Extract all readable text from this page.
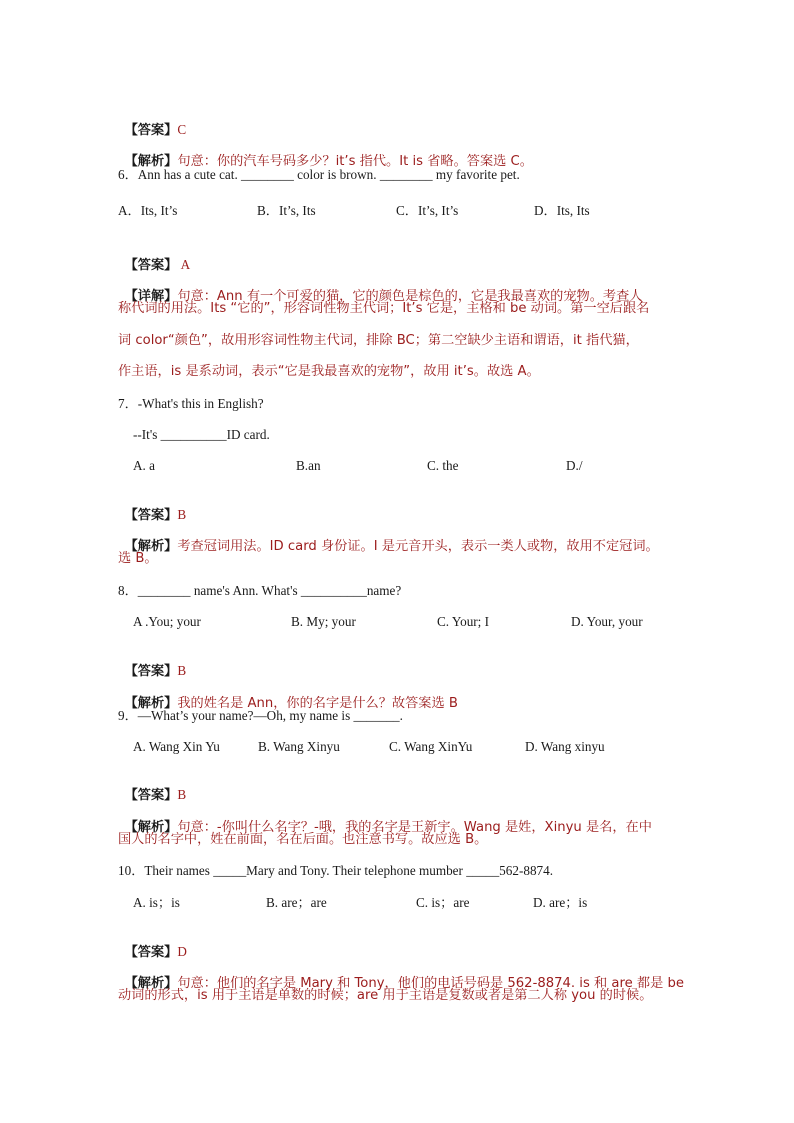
【答案】C

【解析】句意：你的汽车号码多少？it’s 指代。It is 省略。答案选 C。

6．Ann has a cute cat. ________ color is brown. ________ my favorite pet.
A．Its, It’s	B．It’s, Its	C．It’s, It’s	D．Its, Its

【答案】 A

【详解】句意：Ann 有一个可爱的猫，它的颜色是棕色的，它是我最喜欢的宠物。考查人

称代词的用法。Its “它的”，形容词性物主代词；It’s 它是，主格和 be 动词。第一空后跟名
词 color“颜色”，故用形容词性物主代词，排除 BC；第二空缺少主语和谓语，it 指代猫，
作主语，is 是系动词，表示“它是我最喜欢的宠物”，故用 it’s。故选 A。
7．-What's this in English?
--It's __________ID card.
A. a	B.an	C. the	D./

【答案】B

【解析】考查冠词用法。ID card 身份证。I 是元音开头，表示一类人或物，故用不定冠词。

选 B。
8．________ name's Ann. What's __________name?
A .You; your	B. My; your	C. Your; I	D. Your, your

【答案】B

【解析】我的姓名是 Ann，你的名字是什么？故答案选 B

9．—What’s your name?—Oh, my name is _______.
A. Wang Xin Yu	B. Wang Xinyu	C. Wang XinYu	D. Wang xinyu

【答案】B

【解析】句意：-你叫什么名字？-哦，我的名字是王新宇。Wang 是姓，Xinyu 是名，在中

国人的名字中，姓在前面，名在后面。也注意书写。故应选 B。
10．Their names _____Mary and Tony. Their telephone mumber _____562-8874.
A. is；is	B. are；are	C. is；are	D. are；is

【答案】D

【解析】句意：他们的名字是 Mary 和 Tony，他们的电话号码是 562-8874. is 和 are 都是 be

动词的形式，is 用于主语是单数的时候；are 用于主语是复数或者是第二人称 you 的时候。
